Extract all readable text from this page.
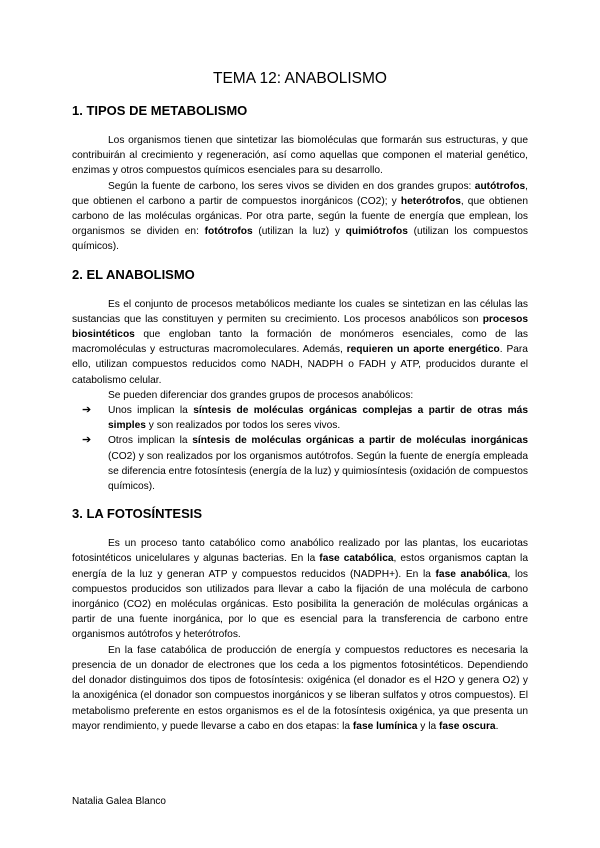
TEMA 12: ANABOLISMO
1. TIPOS DE METABOLISMO

Los organismos tienen que sintetizar las biomoléculas que formarán sus estructuras, y que contribuirán al crecimiento y regeneración, así como aquellas que componen el material genético, enzimas y otros compuestos químicos esenciales para su desarrollo.

Según la fuente de carbono, los seres vivos se dividen en dos grandes grupos: autótrofos, que obtienen el carbono a partir de compuestos inorgánicos (CO2); y heterótrofos, que obtienen carbono de las moléculas orgánicas. Por otra parte, según la fuente de energía que emplean, los organismos se dividen en: fotótrofos (utilizan la luz) y quimiótrofos (utilizan los compuestos químicos).

2. EL ANABOLISMO

Es el conjunto de procesos metabólicos mediante los cuales se sintetizan en las células las sustancias que las constituyen y permiten su crecimiento. Los procesos anabólicos son procesos biosintéticos que engloban tanto la formación de monómeros esenciales, como de las macromoléculas y estructuras macromoleculares. Además, requieren un aporte energético. Para ello, utilizan compuestos reducidos como NADH, NADPH o FADH y ATP, producidos durante el catabolismo celular.

Se pueden diferenciar dos grandes grupos de procesos anabólicos:

➔ Unos implican la síntesis de moléculas orgánicas complejas a partir de otras más simples y son realizados por todos los seres vivos.
➔ Otros implican la síntesis de moléculas orgánicas a partir de moléculas inorgánicas (CO2) y son realizados por los organismos autótrofos. Según la fuente de energía empleada se diferencia entre fotosíntesis (energía de la luz) y quimiosíntesis (oxidación de compuestos químicos).
3. LA FOTOSÍNTESIS

Es un proceso tanto catabólico como anabólico realizado por las plantas, los eucariotas fotosintéticos unicelulares y algunas bacterias. En la fase catabólica, estos organismos captan la energía de la luz y generan ATP y compuestos reducidos (NADPH+). En la fase anabólica, los compuestos producidos son utilizados para llevar a cabo la fijación de una molécula de carbono inorgánico (CO2) en moléculas orgánicas. Esto posibilita la generación de moléculas orgánicas a partir de una fuente inorgánica, por lo que es esencial para la transferencia de carbono entre organismos autótrofos y heterótrofos.

En la fase catabólica de producción de energía y compuestos reductores es necesaria la presencia de un donador de electrones que los ceda a los pigmentos fotosintéticos. Dependiendo del donador distinguimos dos tipos de fotosíntesis: oxigénica (el donador es el H2O y genera O2) y la anoxigénica (el donador son compuestos inorgánicos y se liberan sulfatos y otros compuestos). El metabolismo preferente en estos organismos es el de la fotosíntesis oxigénica, ya que presenta un mayor rendimiento, y puede llevarse a cabo en dos etapas: la fase lumínica y la fase oscura.

Natalia Galea Blanco
